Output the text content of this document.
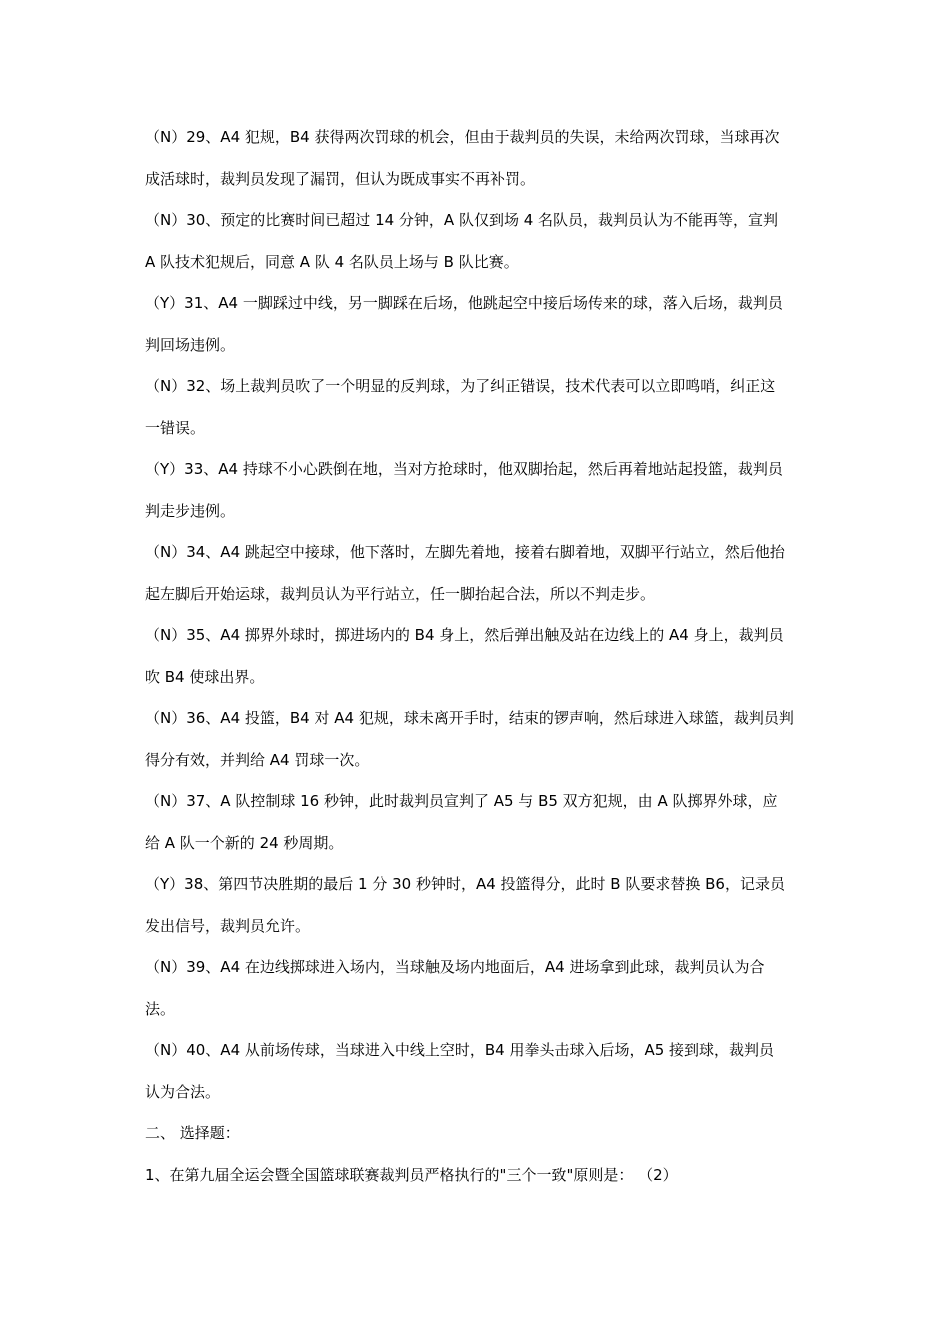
（N）29、A4 犯规，B4 获得两次罚球的机会，但由于裁判员的失误，未给两次罚球，当球再次
成活球时，裁判员发现了漏罚，但认为既成事实不再补罚。
（N）30、预定的比赛时间已超过 14 分钟，A 队仅到场 4 名队员，裁判员认为不能再等，宣判
A 队技术犯规后，同意 A 队 4 名队员上场与 B 队比赛。
（Y）31、A4 一脚踩过中线，另一脚踩在后场，他跳起空中接后场传来的球，落入后场，裁判员
判回场违例。
（N）32、场上裁判员吹了一个明显的反判球，为了纠正错误，技术代表可以立即鸣哨，纠正这
一错误。
（Y）33、A4 持球不小心跌倒在地，当对方抢球时，他双脚抬起，然后再着地站起投篮，裁判员
判走步违例。
（N）34、A4 跳起空中接球，他下落时，左脚先着地，接着右脚着地，双脚平行站立，然后他抬
起左脚后开始运球，裁判员认为平行站立，任一脚抬起合法，所以不判走步。
（N）35、A4 掷界外球时，掷进场内的 B4 身上，然后弹出触及站在边线上的 A4 身上，裁判员
吹 B4 使球出界。
（N）36、A4 投篮，B4 对 A4 犯规，球未离开手时，结束的锣声响，然后球进入球篮，裁判员判
得分有效，并判给 A4 罚球一次。
（N）37、A 队控制球 16 秒钟，此时裁判员宣判了 A5 与 B5 双方犯规，由 A 队掷界外球，应
给 A 队一个新的 24 秒周期。
（Y）38、第四节决胜期的最后 1 分 30 秒钟时，A4 投篮得分，此时 B 队要求替换 B6，记录员
发出信号，裁判员允许。
（N）39、A4 在边线掷球进入场内，当球触及场内地面后，A4 进场拿到此球，裁判员认为合
法。
（N）40、A4 从前场传球，当球进入中线上空时，B4 用拳头击球入后场，A5 接到球，裁判员
认为合法。
二、 选择题：
1、在第九届全运会暨全国篮球联赛裁判员严格执行的"三个一致"原则是： （2）
